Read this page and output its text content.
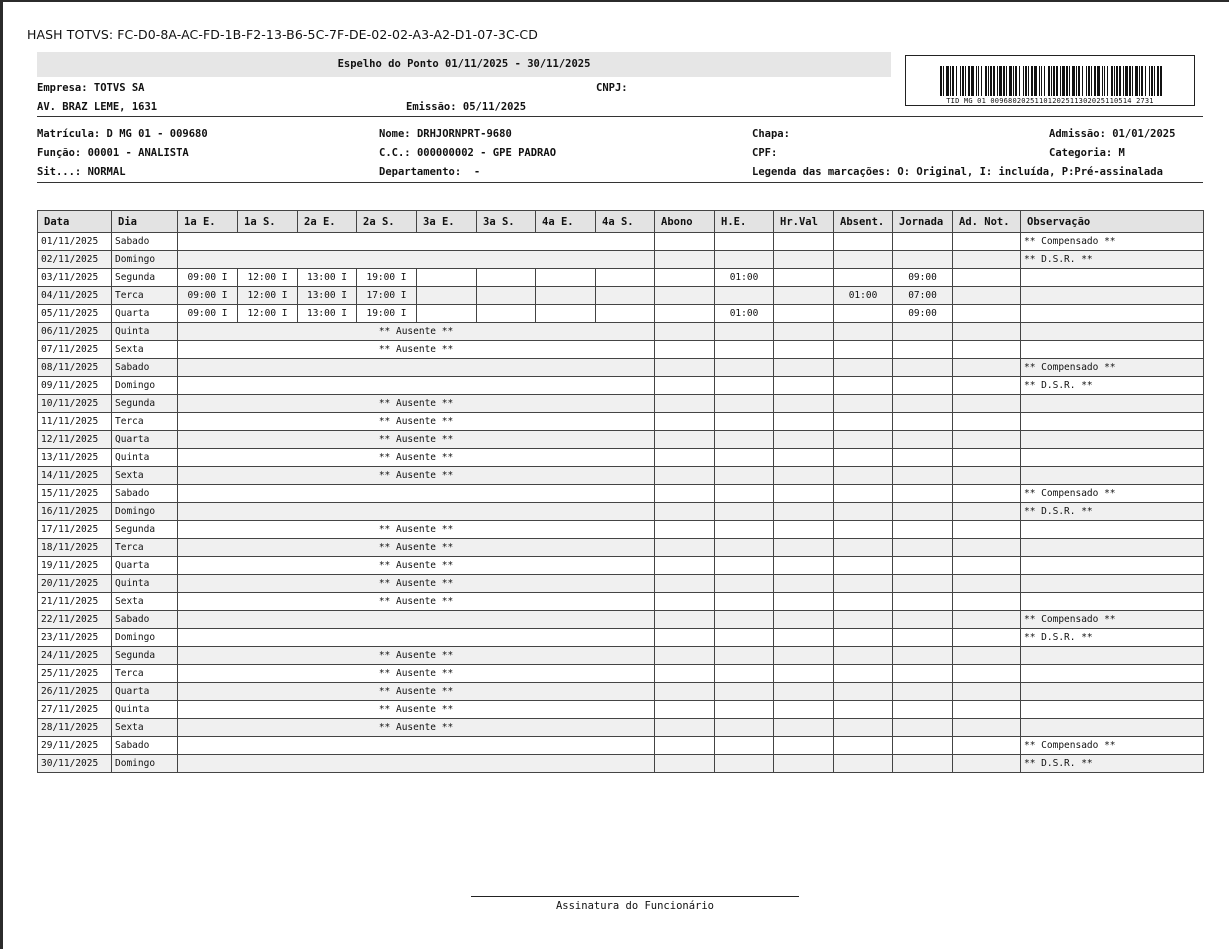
HASH TOTVS: FC-D0-8A-AC-FD-1B-F2-13-B6-5C-7F-DE-02-02-A3-A2-D1-07-3C-CD
Espelho do Ponto 01/11/2025 - 30/11/2025
TID MG 01 00968020251101202511302025110514 2731
Empresa: TOTVS SA	CNPJ:
AV. BRAZ LEME, 1631	Emissão: 05/11/2025
Matrícula: D MG 01 - 009680	Nome: DRHJORNPRT-9680	Chapa:	Admissão: 01/01/2025
Função: 00001 - ANALISTA	C.C.: 000000002 - GPE PADRAO	CPF:	Categoria: M
Sit...: NORMAL	Departamento: -	Legenda das marcações: O: Original, I: incluída, P:Pré-assinalada
Data	Dia	1a E.	1a S.	2a E.	2a S.	3a E.	3a S.	4a E.	4a S.	Abono	H.E.	Hr.Val	Absent.	Jornada	Ad. Not.	Observação
01/11/2025	Sabado															** Compensado **
02/11/2025	Domingo															** D.S.R. **
03/11/2025	Segunda	09:00 I	12:00 I	13:00 I	19:00 I						01:00			09:00		
04/11/2025	Terca	09:00 I	12:00 I	13:00 I	17:00 I								01:00	07:00		
05/11/2025	Quarta	09:00 I	12:00 I	13:00 I	19:00 I						01:00			09:00		
06/11/2025	Quinta	** Ausente **														
07/11/2025	Sexta	** Ausente **														
08/11/2025	Sabado															** Compensado **
09/11/2025	Domingo															** D.S.R. **
10/11/2025	Segunda	** Ausente **														
11/11/2025	Terca	** Ausente **														
12/11/2025	Quarta	** Ausente **														
13/11/2025	Quinta	** Ausente **														
14/11/2025	Sexta	** Ausente **														
15/11/2025	Sabado															** Compensado **
16/11/2025	Domingo															** D.S.R. **
17/11/2025	Segunda	** Ausente **														
18/11/2025	Terca	** Ausente **														
19/11/2025	Quarta	** Ausente **														
20/11/2025	Quinta	** Ausente **														
21/11/2025	Sexta	** Ausente **														
22/11/2025	Sabado															** Compensado **
23/11/2025	Domingo															** D.S.R. **
24/11/2025	Segunda	** Ausente **														
25/11/2025	Terca	** Ausente **														
26/11/2025	Quarta	** Ausente **														
27/11/2025	Quinta	** Ausente **														
28/11/2025	Sexta	** Ausente **														
29/11/2025	Sabado															** Compensado **
30/11/2025	Domingo															** D.S.R. **
Assinatura do Funcionário
